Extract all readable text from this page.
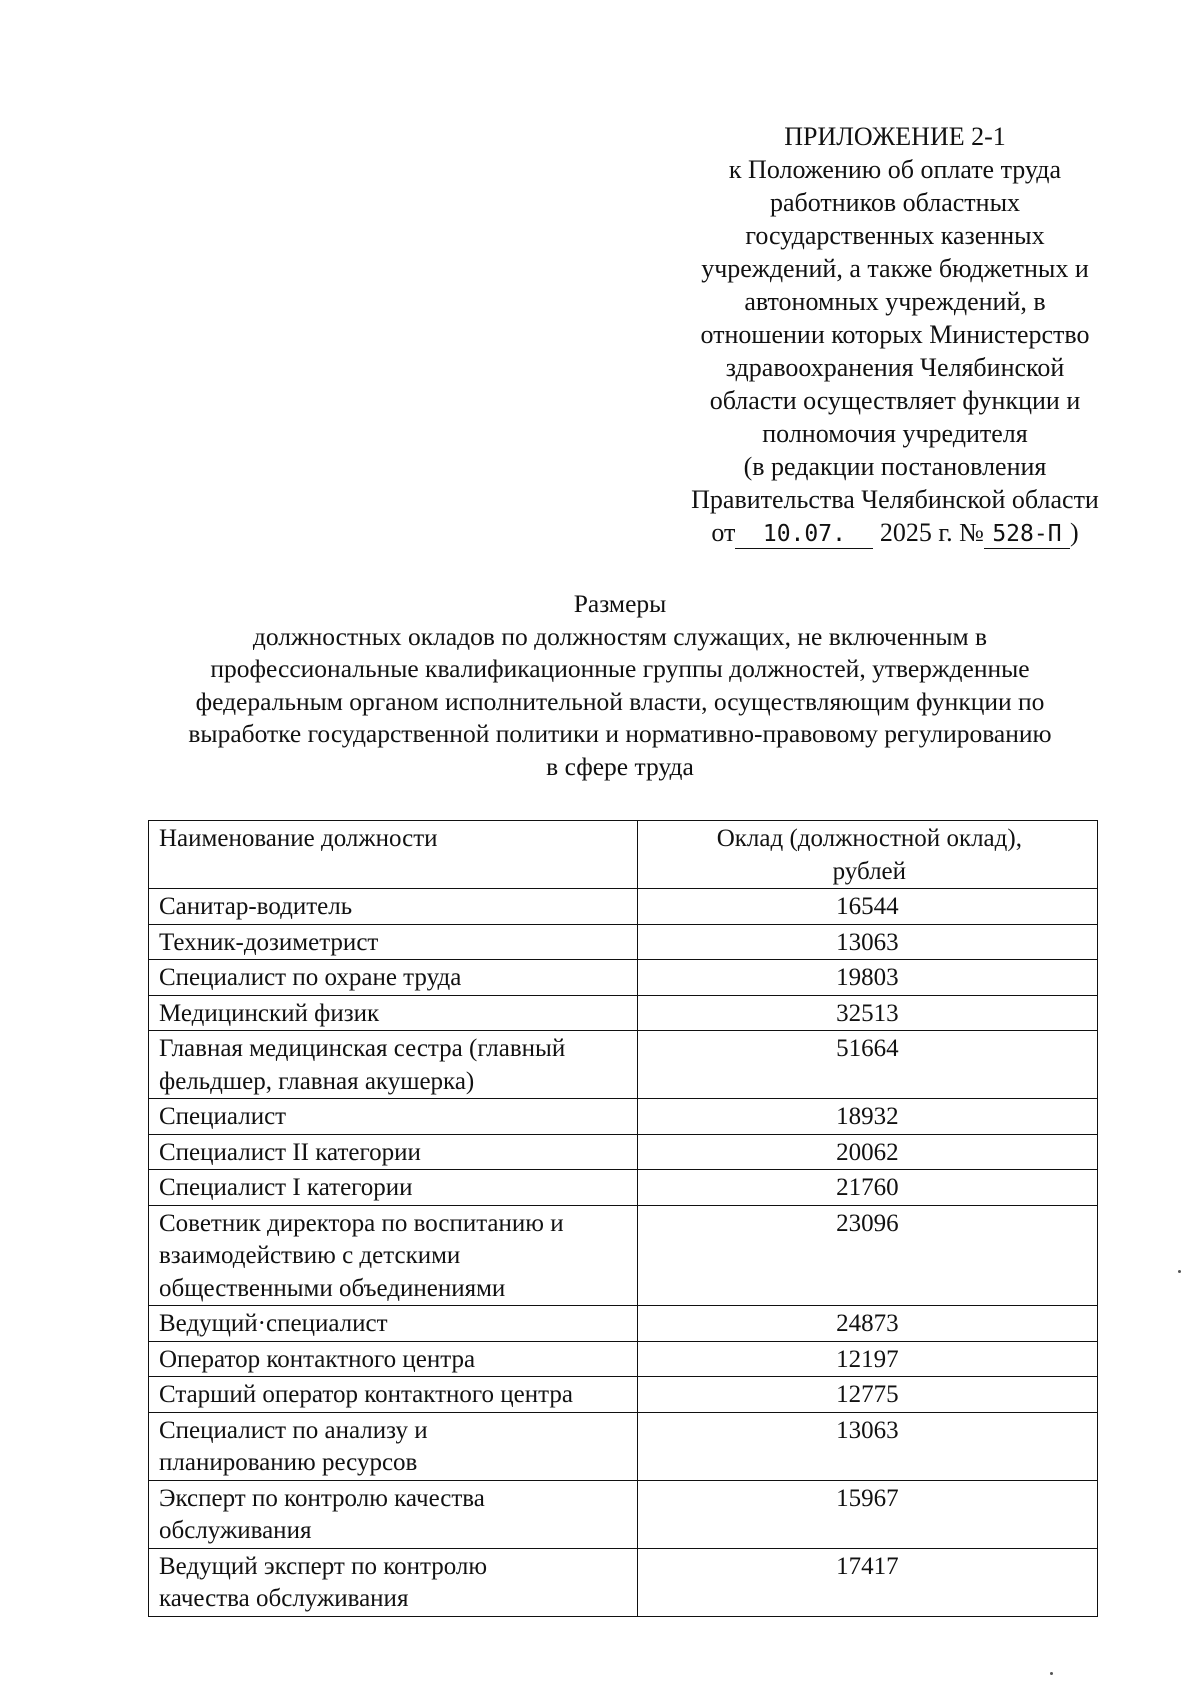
ПРИЛОЖЕНИЕ 2-1
к Положению об оплате труда
работников областных
государственных казенных
учреждений, а также бюджетных и
автономных учреждений, в
отношении которых Министерство
здравоохранения Челябинской
области осуществляет функции и
полномочия учредителя
(в редакции постановления
Правительства Челябинской области
от 10.07. 2025 г. № 528-П )
Размеры
должностных окладов по должностям служащих, не включенным в
профессиональные квалификационные группы должностей, утвержденные
федеральным органом исполнительной власти, осуществляющим функции по
выработке государственной политики и нормативно-правовому регулированию
в сфере труда
Наименование должности	Оклад (должностной оклад),
рублей

Санитар-водитель	16544

Техник-дозиметрист	13063

Специалист по охране труда	19803

Медицинский физик	32513

Главная медицинская сестра (главный
фельдшер, главная акушерка)	51664

Специалист	18932

Специалист II категории	20062

Специалист I категории	21760

Советник директора по воспитанию и
взаимодействию с детскими
общественными объединениями	23096

Ведущий·специалист	24873

Оператор контактного центра	12197

Старший оператор контактного центра	12775

Специалист по анализу и
планированию ресурсов	13063

Эксперт по контролю качества
обслуживания	15967

Ведущий эксперт по контролю
качества обслуживания	17417
